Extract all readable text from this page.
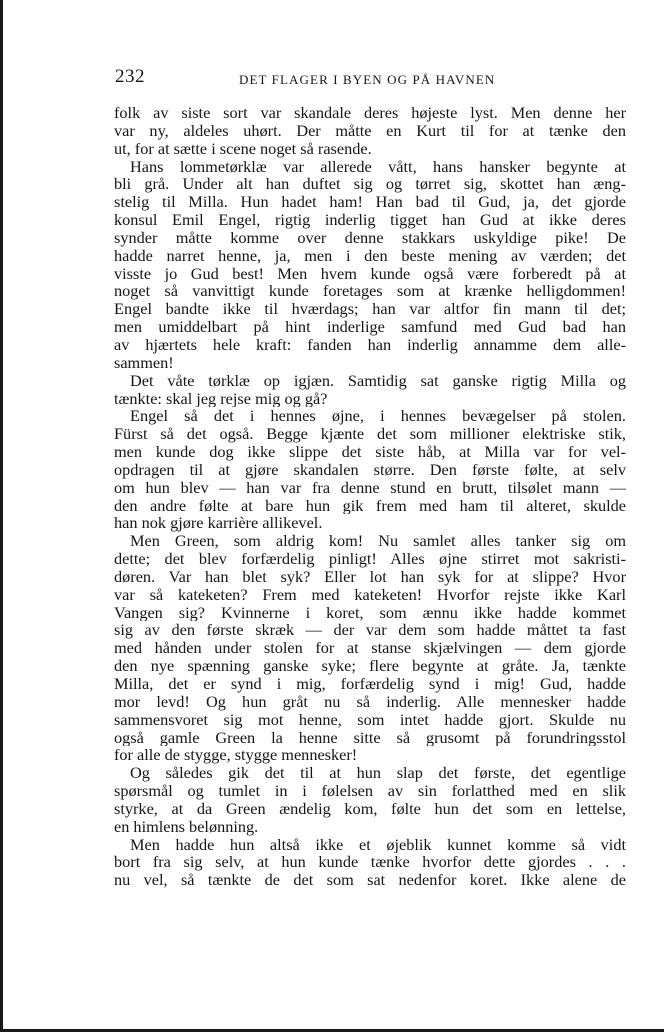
232	DET FLAGER I BYEN OG PÅ HAVNEN
folk av siste sort var skandale deres højeste lyst. Men denne her
var ny, aldeles uhørt. Der måtte en Kurt til for at tænke den
ut, for at sætte i scene noget så rasende.
Hans lommetørklæ var allerede vått, hans hansker begynte at
bli grå. Under alt han duftet sig og tørret sig, skottet han æng-
stelig til Milla. Hun hadet ham! Han bad til Gud, ja, det gjorde
konsul Emil Engel, rigtig inderlig tigget han Gud at ikke deres
synder måtte komme over denne stakkars uskyldige pike! De
hadde narret henne, ja, men i den beste mening av værden; det
visste jo Gud best! Men hvem kunde også være forberedt på at
noget så vanvittigt kunde foretages som at krænke helligdommen!
Engel bandte ikke til hværdags; han var altfor fin mann til det;
men umiddelbart på hint inderlige samfund med Gud bad han
av hjærtets hele kraft: fanden han inderlig annamme dem alle-
sammen!
Det våte tørklæ op igjæn. Samtidig sat ganske rigtig Milla og
tænkte: skal jeg rejse mig og gå?
Engel så det i hennes øjne, i hennes bevægelser på stolen.
Fürst så det også. Begge kjænte det som millioner elektriske stik,
men kunde dog ikke slippe det siste håb, at Milla var for vel-
opdragen til at gjøre skandalen større. Den første følte, at selv
om hun blev — han var fra denne stund en brutt, tilsølet mann —
den andre følte at bare hun gik frem med ham til alteret, skulde
han nok gjøre karrière allikevel.
Men Green, som aldrig kom! Nu samlet alles tanker sig om
dette; det blev forfærdelig pinligt! Alles øjne stirret mot sakristi-
døren. Var han blet syk? Eller lot han syk for at slippe? Hvor
var så kateketen? Frem med kateketen! Hvorfor rejste ikke Karl
Vangen sig? Kvinnerne i koret, som ænnu ikke hadde kommet
sig av den første skræk — der var dem som hadde måttet ta fast
med hånden under stolen for at stanse skjælvingen — dem gjorde
den nye spænning ganske syke; flere begynte at gråte. Ja, tænkte
Milla, det er synd i mig, forfærdelig synd i mig! Gud, hadde
mor levd! Og hun gråt nu så inderlig. Alle mennesker hadde
sammensvoret sig mot henne, som intet hadde gjort. Skulde nu
også gamle Green la henne sitte så grusomt på forundringsstol
for alle de stygge, stygge mennesker!
Og således gik det til at hun slap det første, det egentlige
spørsmål og tumlet in i følelsen av sin forlatthed med en slik
styrke, at da Green ændelig kom, følte hun det som en lettelse,
en himlens belønning.
Men hadde hun altså ikke et øjeblik kunnet komme så vidt
bort fra sig selv, at hun kunde tænke hvorfor dette gjordes . . .
nu vel, så tænkte de det som sat nedenfor koret. Ikke alene de
